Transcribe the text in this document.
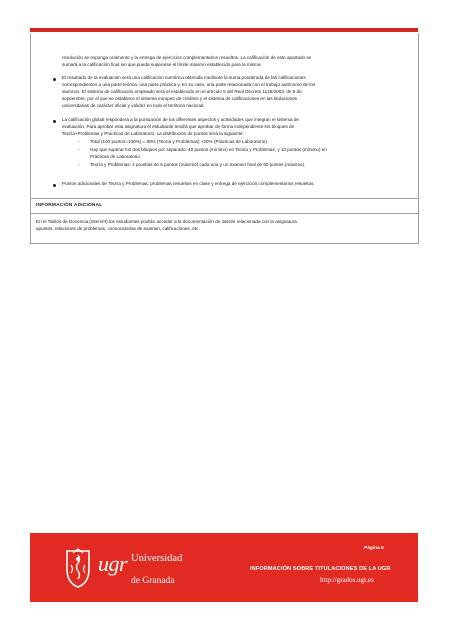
resolución se exponga oralmente y la entrega de ejercicios complementarios resueltos. La calificación de este apartado se
sumará a la calificación final sin que pueda superarse el límite máximo establecido para la misma.
El resultado de la evaluación será una calificación numérica obtenida mediante la suma ponderada de las calificaciones
correspondientes a una parte teórica, una parte práctica y, en su caso, una parte relacionada con el trabajo autónomo de los
alumnos. El sistema de calificación empleado será el establecido en el artículo 5 del Real Decreto 1125/2003, de 5 de
septiembre, por el que se establece el sistema europeo de créditos y el sistema de calificaciones en las titulaciones
universitarias de carácter oficial y validez en todo el territorio nacional.
La calificación global responderá a la puntuación de los diferentes aspectos y actividades que integran el sistema de
evaluación. Para aprobar esta asignatura el estudiante tendrá que aprobar de forma independiente los bloques de
Teoría+Problemas y Prácticas de Laboratorio. La distribución de puntos será la siguiente:
- Total (100 puntos=100%) = 80% (Teoría y Problemas) +20% (Prácticas de Laboratorio)
- Hay que superar los dos bloques por separado: 40 puntos (mínimo) en Teoría y Problemas, y 10 puntos (mínimo) en
Prácticas de Laboratorio.
- Teoría y Problemas: 4 pruebas de 5 puntos (máximo) cada una y un examen final de 60 puntos (máximo).
Puntos adicionales de Teoría y Problemas: problemas resueltos en clase y entrega de ejercicios complementarios resueltos.
INFORMACIÓN ADICIONAL
En el Tablón de Docencia (internet) los estudiantes podrán acceder a la documentación de interés relacionada con la asignatura:
apuntes, relaciones de problemas, convocatorias de examen, calificaciones, etc.
ugr Universidad
de Granada
Página 5
INFORMACIÓN SOBRE TITULACIONES DE LA UGR
http://grados.ugr.es
